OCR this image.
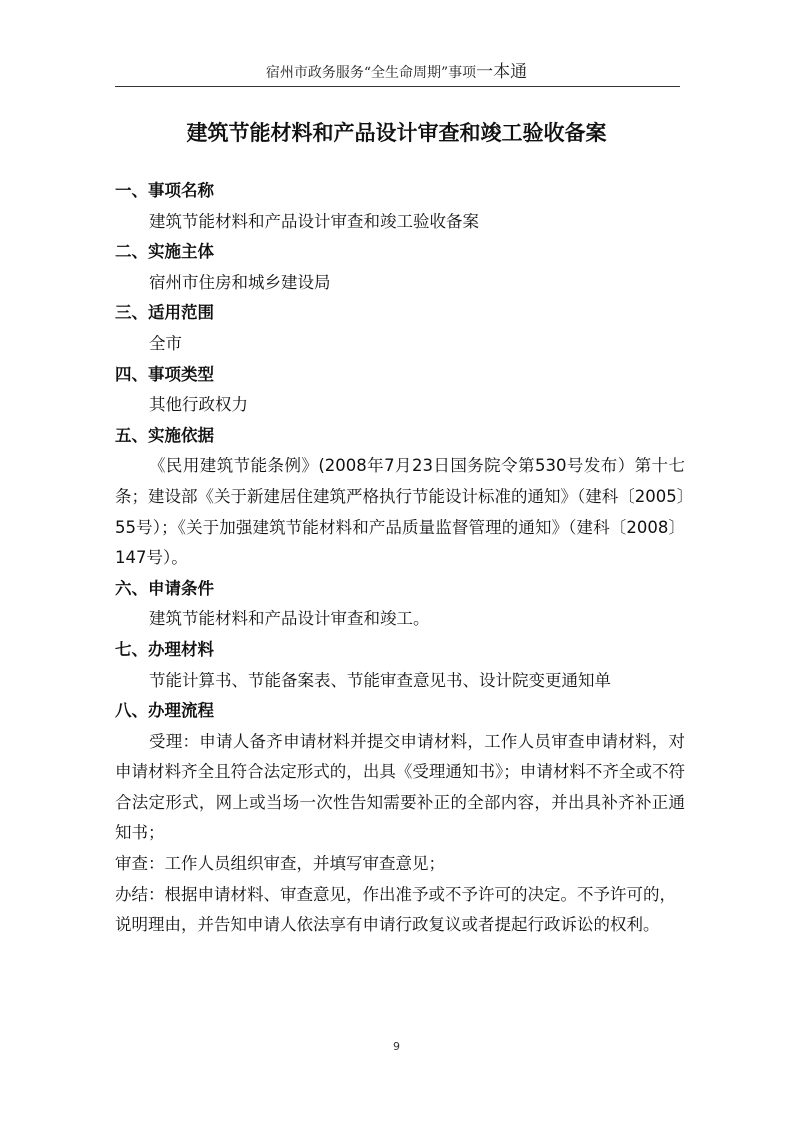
宿州市政务服务“全生命周期”事项一本通
建筑节能材料和产品设计审查和竣工验收备案

一、事项名称

建筑节能材料和产品设计审查和竣工验收备案

二、实施主体

宿州市住房和城乡建设局

三、适用范围

全市

四、事项类型

其他行政权力

五、实施依据

《民用建筑节能条例》(2008年7月23日国务院令第530号发布）第十七条；建设部《关于新建居住建筑严格执行节能设计标准的通知》（建科〔2005〕55号）；《关于加强建筑节能材料和产品质量监督管理的通知》（建科〔2008〕147号）。

六、申请条件

建筑节能材料和产品设计审查和竣工。

七、办理材料

节能计算书、节能备案表、节能审查意见书、设计院变更通知单

八、办理流程

受理：申请人备齐申请材料并提交申请材料，工作人员审查申请材料，对申请材料齐全且符合法定形式的，出具《受理通知书》；申请材料不齐全或不符合法定形式，网上或当场一次性告知需要补正的全部内容，并出具补齐补正通知书；

审查：工作人员组织审查，并填写审查意见；

办结：根据申请材料、审查意见，作出准予或不予许可的决定。不予许可的，说明理由，并告知申请人依法享有申请行政复议或者提起行政诉讼的权利。

9
